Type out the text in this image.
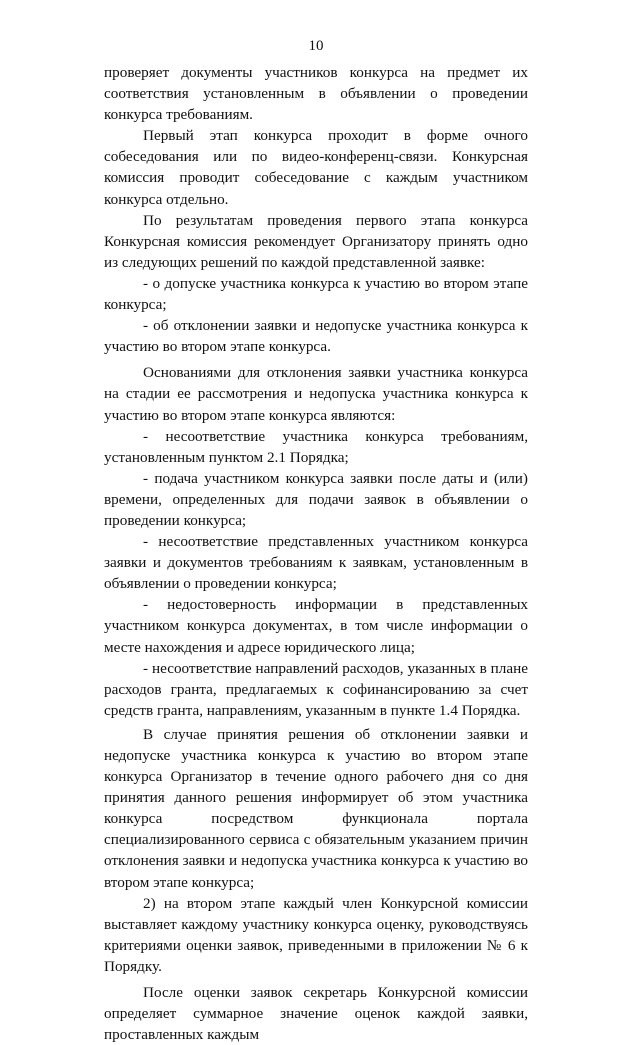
10

проверяет документы участников конкурса на предмет их соответствия установленным в объявлении о проведении конкурса требованиям.

Первый этап конкурса проходит в форме очного собеседования или по видео-конференц-связи. Конкурсная комиссия проводит собеседование с каждым участником конкурса отдельно.

По результатам проведения первого этапа конкурса Конкурсная комиссия рекомендует Организатору принять одно из следующих решений по каждой представленной заявке:

- о допуске участника конкурса к участию во втором этапе конкурса;

- об отклонении заявки и недопуске участника конкурса к участию во втором этапе конкурса.

Основаниями для отклонения заявки участника конкурса на стадии ее рассмотрения и недопуска участника конкурса к участию во втором этапе конкурса являются:

- несоответствие участника конкурса требованиям, установленным пунктом 2.1 Порядка;

- подача участником конкурса заявки после даты и (или) времени, определенных для подачи заявок в объявлении о проведении конкурса;

- несоответствие представленных участником конкурса заявки и документов требованиям к заявкам, установленным в объявлении о проведении конкурса;

- недостоверность информации в представленных участником конкурса документах, в том числе информации о месте нахождения и адресе юридического лица;

- несоответствие направлений расходов, указанных в плане расходов гранта, предлагаемых к софинансированию за счет средств гранта, направлениям, указанным в пункте 1.4 Порядка.

В случае принятия решения об отклонении заявки и недопуске участника конкурса к участию во втором этапе конкурса Организатор в течение одного рабочего дня со дня принятия данного решения информирует об этом участника конкурса посредством функционала портала специализированного сервиса с обязательным указанием причин отклонения заявки и недопуска участника конкурса к участию во втором этапе конкурса;

2) на втором этапе каждый член Конкурсной комиссии выставляет каждому участнику конкурса оценку, руководствуясь критериями оценки заявок, приведенными в приложении № 6 к Порядку.

После оценки заявок секретарь Конкурсной комиссии определяет суммарное значение оценок каждой заявки, проставленных каждым
